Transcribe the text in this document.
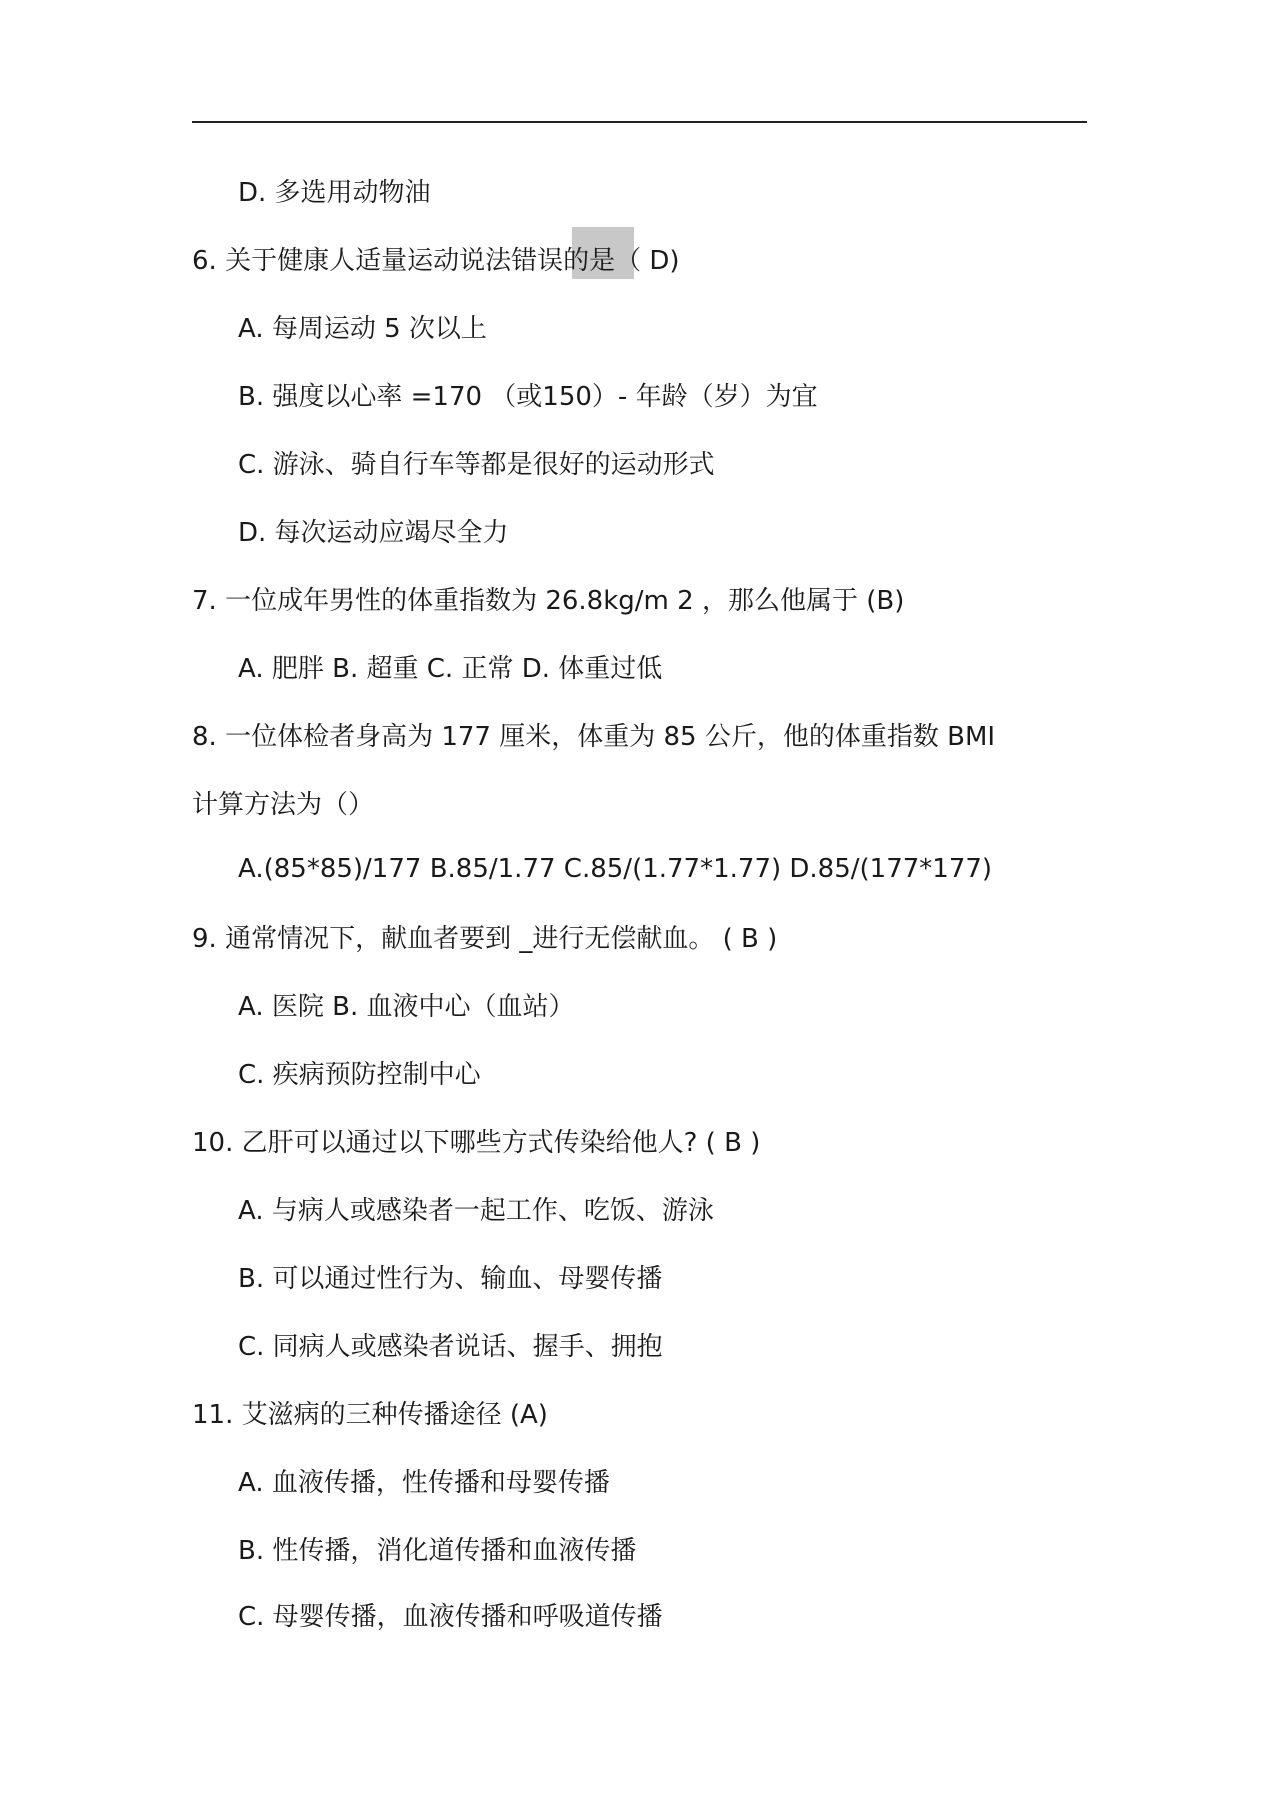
D. 多选用动物油
6. 关于健康人适量运动说法错误的是（ D)
A. 每周运动 5 次以上
B. 强度以心率 =170 （或150）- 年龄（岁）为宜
C. 游泳、骑自行车等都是很好的运动形式
D. 每次运动应竭尽全力
7. 一位成年男性的体重指数为 26.8kg/m 2 ，那么他属于 (B)
A. 肥胖 B. 超重 C. 正常 D. 体重过低
8. 一位体检者身高为 177 厘米，体重为 85 公斤，他的体重指数 BMI
计算方法为（）
A.(85*85)/177 B.85/1.77 C.85/(1.77*1.77) D.85/(177*177)
9. 通常情况下，献血者要到 _进行无偿献血。 ( B )
A. 医院 B. 血液中心（血站）
C. 疾病预防控制中心
10. 乙肝可以通过以下哪些方式传染给他人? ( B )
A. 与病人或感染者一起工作、吃饭、游泳
B. 可以通过性行为、输血、母婴传播
C. 同病人或感染者说话、握手、拥抱
11. 艾滋病的三种传播途径 (A)
A. 血液传播，性传播和母婴传播
B. 性传播，消化道传播和血液传播
C. 母婴传播，血液传播和呼吸道传播
